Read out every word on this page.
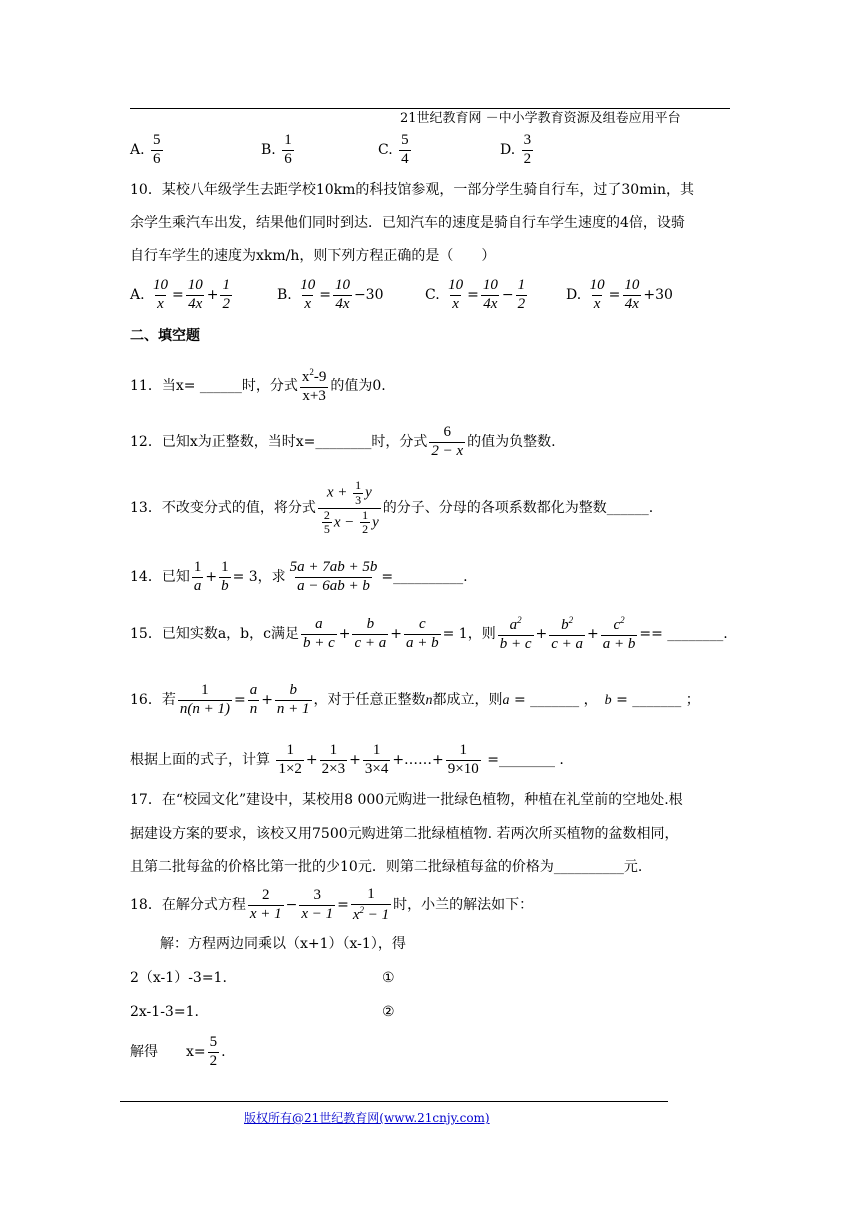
21世纪教育网 －中小学教育资源及组卷应用平台
A. $\frac{5}{6}$	B. $\frac{1}{6}$	C. $\frac{5}{4}$	D. $\frac{3}{2}$
10．某校八年级学生去距学校10km的科技馆参观，一部分学生骑自行车，过了30min，其
余学生乘汽车出发，结果他们同时到达．已知汽车的速度是骑自行车学生速度的4倍，设骑
自行车学生的速度为xkm/h，则下列方程正确的是（　　）
A. $\frac{10}{x} = \frac{10}{4x} + \frac{1}{2}$	B. $\frac{10}{x} = \frac{10}{4x} -30$	C. $\frac{10}{x} = \frac{10}{4x} - \frac{1}{2}$	D. $\frac{10}{x} = \frac{10}{4x} +30$
二、填空题
11．当x= ______时，分式 $\frac{x^2-9}{x+3}$ 的值为0.
12．已知x为正整数，当时x=________时，分式 $\frac{6}{2 - x}$ 的值为负整数.
13．不改变分式的值，将分式 $\frac{x + \frac{1}{3} y}{\frac{2}{5} x - \frac{1}{2} y}$ 的分子、分母的各项系数都化为整数______.
14．已知 $\frac{1}{a} + \frac{1}{b} = 3$，求 $\frac{5a + 7ab + 5b}{a - 6ab + b}$ =__________.
15．已知实数a，b，c满足 $\frac{a}{b + c} + \frac{b}{c + a} + \frac{c}{a + b} = 1$，则 $\frac{a^2}{b + c} + \frac{b^2}{c + a} + \frac{c^2}{a + b}$ == ________.
16．若 $\frac{1}{n(n + 1)} = \frac{a}{n} + \frac{b}{n + 1}$ ，对于任意正整数n都成立，则a = _______ ，　 b = _______ ；
根据上面的式子，计算 $\frac{1}{1\times 2} + \frac{1}{2\times 3} + \frac{1}{3\times 4}$ +……+ $\frac{1}{9\times 10}$ =________ .
17．在“校园文化”建设中，某校用8 000元购进一批绿色植物，种植在礼堂前的空地处.根
据建设方案的要求，该校又用7500元购进第二批绿植植物. 若两次所买植物的盆数相同，
且第二批每盆的价格比第一批的少10元．则第二批绿植每盆的价格为__________元.
18．在解分式方程 $\frac{2}{x + 1} - \frac{3}{x - 1} = \frac{1}{x^2 - 1}$ 时，小兰的解法如下：
解：方程两边同乘以（x+1）（x-1），得
2（x-1）-3=1.	①
2x-1-3=1.	②
解得　　$x= \frac{5}{2}$ .
版权所有@21世纪教育网(www.21cnjy.com)
